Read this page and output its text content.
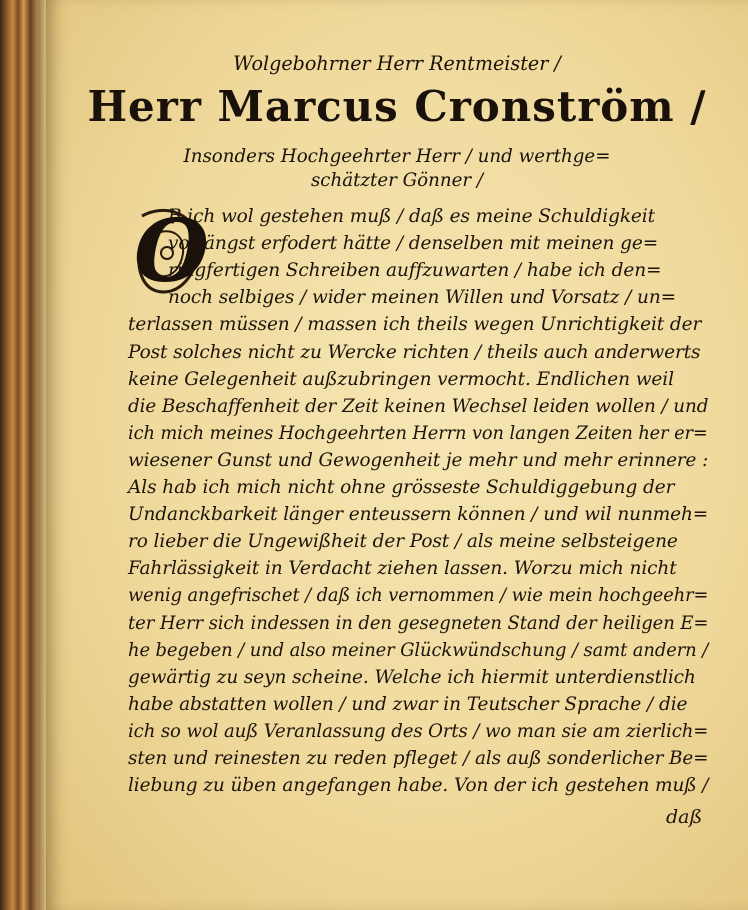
Wolgebohrner Herr Rentmeister /
Herr Marcus Cronström /
Insonders Hochgeehrter Herr / und werthge=
schätzter Gönner /
O
B ich wol gestehen muß / daß es meine Schuldigkeit
vorlängst erfodert hätte / denselben mit meinen ge=
ringfertigen Schreiben auffzuwarten / habe ich den=
noch selbiges / wider meinen Willen und Vorsatz / un=
terlassen müssen / massen ich theils wegen Unrichtigkeit der
Post solches nicht zu Wercke richten / theils auch anderwerts
keine Gelegenheit außzubringen vermocht. Endlichen weil
die Beschaffenheit der Zeit keinen Wechsel leiden wollen / und
ich mich meines Hochgeehrten Herrn von langen Zeiten her er=
wiesener Gunst und Gewogenheit je mehr und mehr erinnere :
Als hab ich mich nicht ohne grösseste Schuldiggebung der
Undanckbarkeit länger enteussern können / und wil nunmeh=
ro lieber die Ungewißheit der Post / als meine selbsteigene
Fahrlässigkeit in Verdacht ziehen lassen. Worzu mich nicht
wenig angefrischet / daß ich vernommen / wie mein hochgeehr=
ter Herr sich indessen in den gesegneten Stand der heiligen E=
he begeben / und also meiner Glückwündschung / samt andern /
gewärtig zu seyn scheine. Welche ich hiermit unterdienstlich
habe abstatten wollen / und zwar in Teutscher Sprache / die
ich so wol auß Veranlassung des Orts / wo man sie am zierlich=
sten und reinesten zu reden pfleget / als auß sonderlicher Be=
liebung zu üben angefangen habe. Von der ich gestehen muß /
daß
